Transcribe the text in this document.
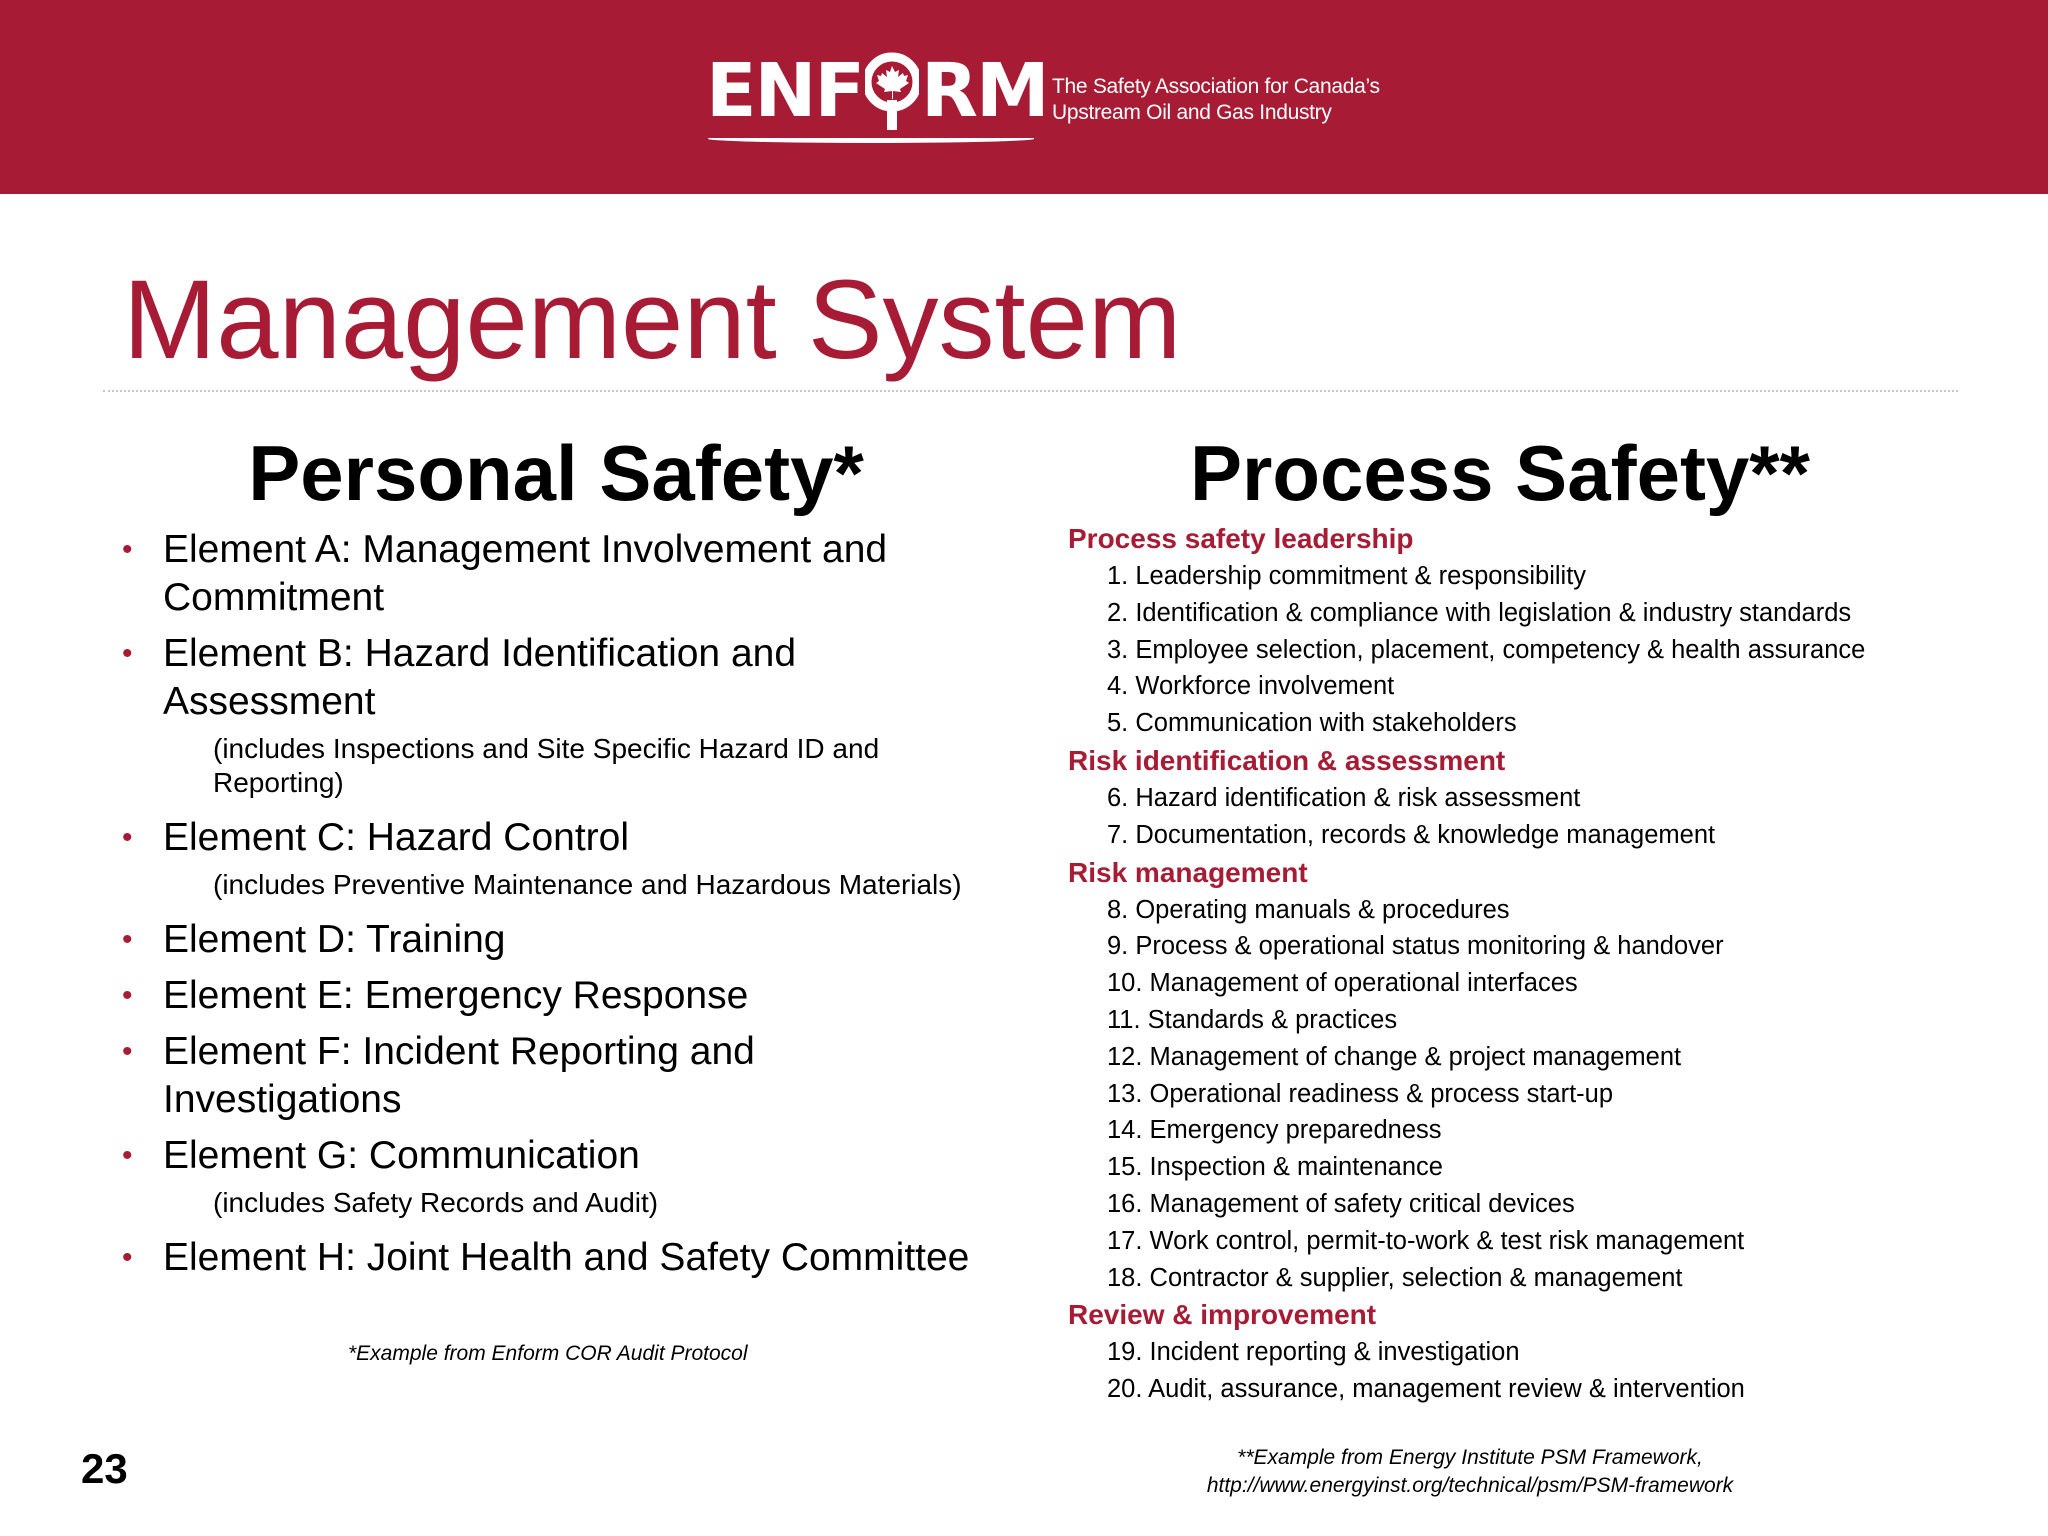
ENF RM The Safety Association for Canada’s
Upstream Oil and Gas Industry
Management System
Personal Safety*	Process Safety**
• Element A: Management Involvement and
Commitment
• Element B: Hazard Identification and
Assessment
(includes Inspections and Site Specific Hazard ID and
Reporting)
• Element C: Hazard Control
(includes Preventive Maintenance and Hazardous Materials)
• Element D: Training
• Element E: Emergency Response
• Element F: Incident Reporting and
Investigations
• Element G: Communication
(includes Safety Records and Audit)
• Element H: Joint Health and Safety Committee
*Example from Enform COR Audit Protocol
Process safety leadership
1. Leadership commitment & responsibility
2. Identification & compliance with legislation & industry standards
3. Employee selection, placement, competency & health assurance
4. Workforce involvement
5. Communication with stakeholders
Risk identification & assessment
6. Hazard identification & risk assessment
7. Documentation, records & knowledge management
Risk management
8. Operating manuals & procedures
9. Process & operational status monitoring & handover
10. Management of operational interfaces
11. Standards & practices
12. Management of change & project management
13. Operational readiness & process start-up
14. Emergency preparedness
15. Inspection & maintenance
16. Management of safety critical devices
17. Work control, permit-to-work & test risk management
18. Contractor & supplier, selection & management
Review & improvement
19. Incident reporting & investigation
20. Audit, assurance, management review & intervention
**Example from Energy Institute PSM Framework,
http://www.energyinst.org/technical/psm/PSM-framework
23
